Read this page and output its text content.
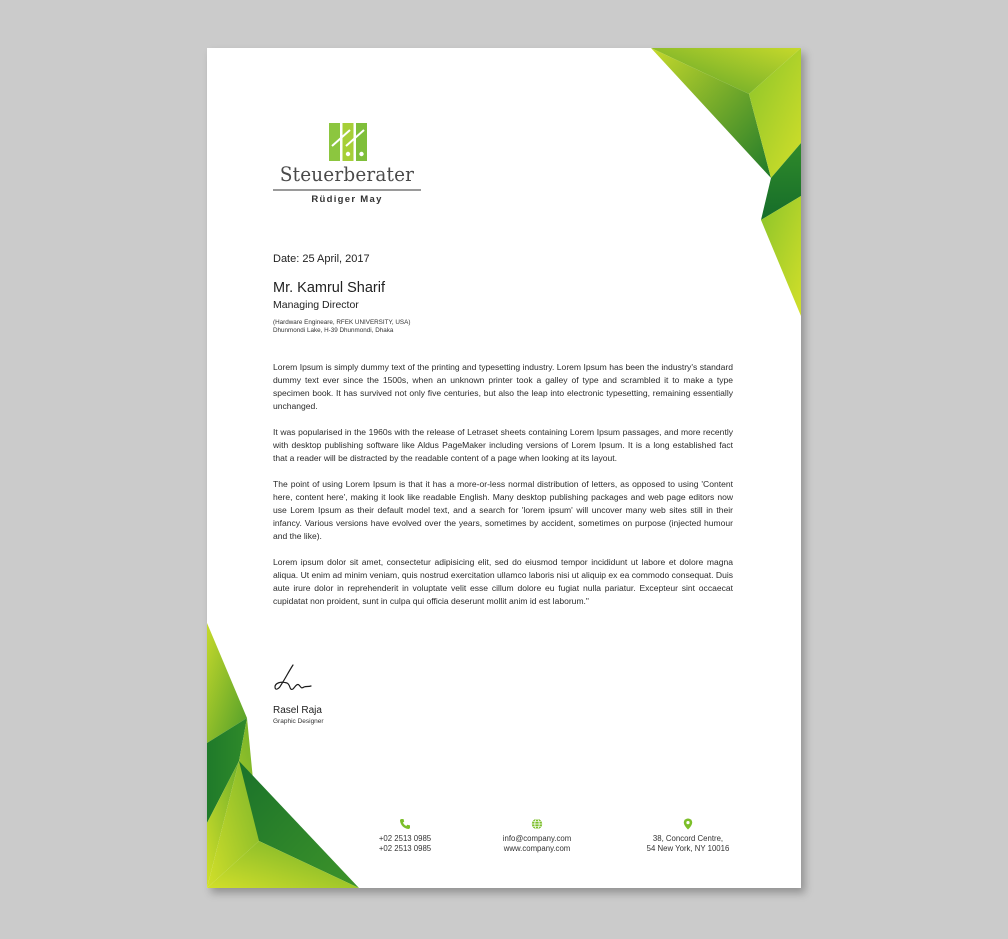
Steuerberater
Rüdiger May
Date: 25 April, 2017
Mr. Kamrul Sharif
Managing Director
(Hardware Engineare, RFEK UNIVERSITY, USA)
Dhunmondi Lake, H-39 Dhunmondi, Dhaka

Lorem Ipsum is simply dummy text of the printing and typesetting industry. Lorem Ipsum has been the industry's standard dummy text ever since the 1500s, when an unknown printer took a galley of type and scrambled it to make a type specimen book. It has survived not only five centuries, but also the leap into electronic typesetting, remaining essentially unchanged.

It was popularised in the 1960s with the release of Letraset sheets containing Lorem Ipsum passages, and more recently with desktop publishing software like Aldus PageMaker including versions of Lorem Ipsum. It is a long established fact that a reader will be distracted by the readable content of a page when looking at its layout.

The point of using Lorem Ipsum is that it has a more-or-less normal distribution of letters, as opposed to using 'Content here, content here', making it look like readable English. Many desktop publishing packages and web page editors now use Lorem Ipsum as their default model text, and a search for 'lorem ipsum' will uncover many web sites still in their infancy. Various versions have evolved over the years, sometimes by accident, sometimes on purpose (injected humour and the like).

Lorem ipsum dolor sit amet, consectetur adipisicing elit, sed do eiusmod tempor incididunt ut labore et dolore magna aliqua. Ut enim ad minim veniam, quis nostrud exercitation ullamco laboris nisi ut aliquip ex ea commodo consequat. Duis aute irure dolor in reprehenderit in voluptate velit esse cillum dolore eu fugiat nulla pariatur. Excepteur sint occaecat cupidatat non proident, sunt in culpa qui officia deserunt mollit anim id est laborum."

Rasel Raja
Graphic Designer
+02 2513 0985
+02 2513 0985
info@company.com
www.company.com
38, Concord Centre,
54 New York, NY 10016
